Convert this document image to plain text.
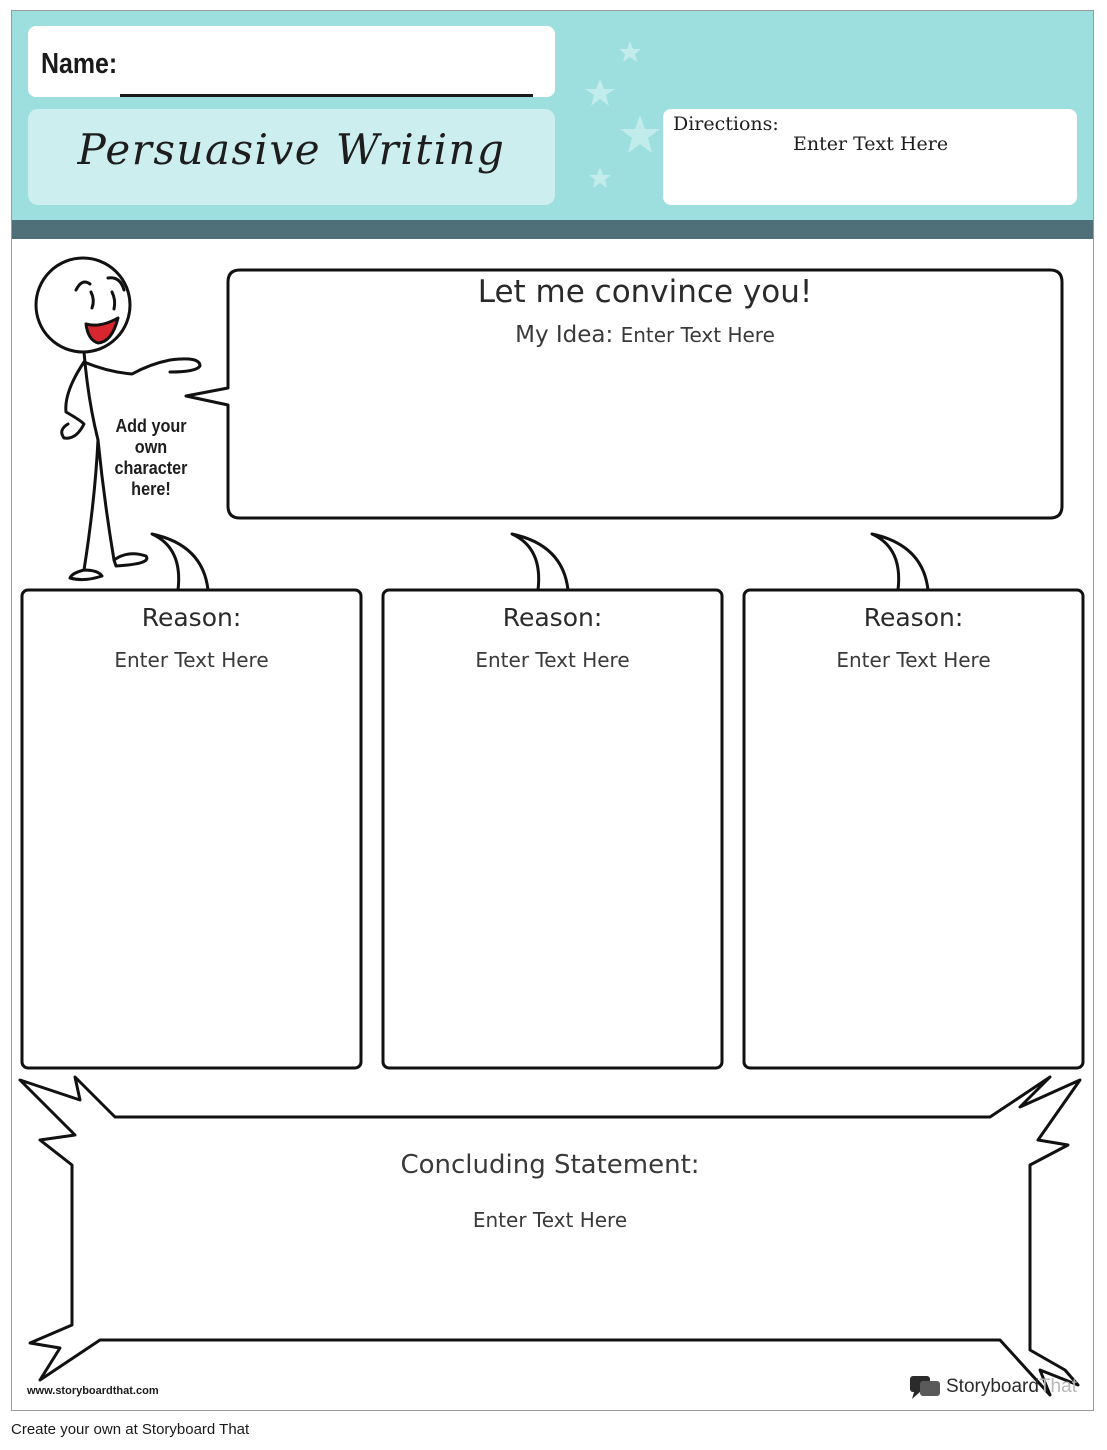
Name:
Persuasive Writing
Directions:
Enter Text Here
Let me convince you!
My Idea: Enter Text Here
Add your
own
character
here!
Reason:
Enter Text Here
Reason:
Enter Text Here
Reason:
Enter Text Here
Concluding Statement:
Enter Text Here
www.storyboardthat.com	StoryboardThat
Create your own at Storyboard That
